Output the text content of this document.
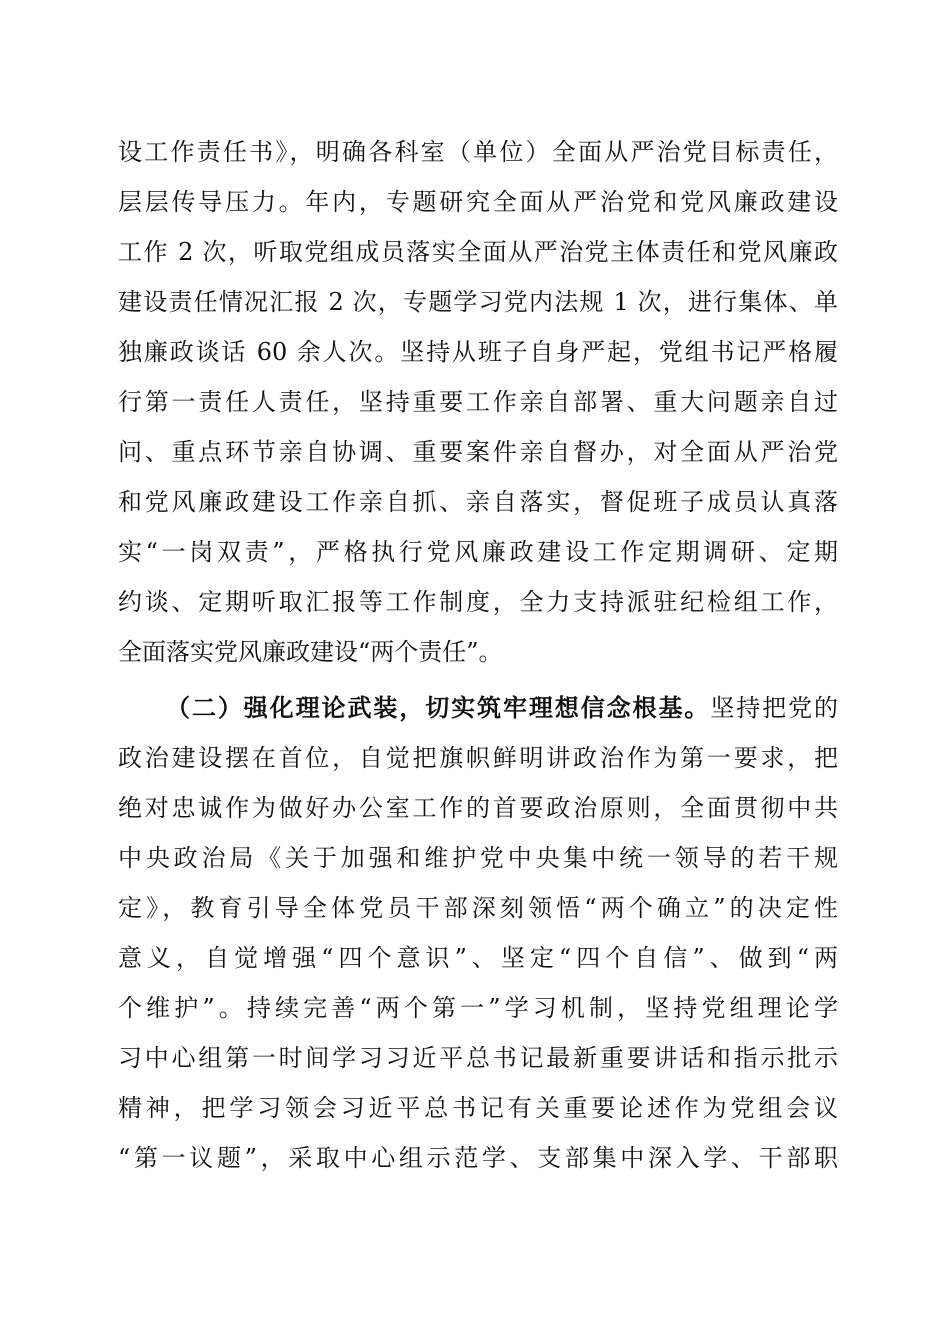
设工作责任书》，明确各科室（单位）全面从严治党目标责任，
层层传导压力。年内，专题研究全面从严治党和党风廉政建设
工作 2 次，听取党组成员落实全面从严治党主体责任和党风廉政
建设责任情况汇报 2 次，专题学习党内法规 1 次，进行集体、单
独廉政谈话 60 余人次。坚持从班子自身严起，党组书记严格履
行第一责任人责任，坚持重要工作亲自部署、重大问题亲自过
问、重点环节亲自协调、重要案件亲自督办，对全面从严治党
和党风廉政建设工作亲自抓、亲自落实，督促班子成员认真落
实“一岗双责”，严格执行党风廉政建设工作定期调研、定期
约谈、定期听取汇报等工作制度，全力支持派驻纪检组工作，
全面落实党风廉政建设“两个责任”。
（二）强化理论武装，切实筑牢理想信念根基。坚持把党的
政治建设摆在首位，自觉把旗帜鲜明讲政治作为第一要求，把
绝对忠诚作为做好办公室工作的首要政治原则，全面贯彻中共
中央政治局《关于加强和维护党中央集中统一领导的若干规
定》，教育引导全体党员干部深刻领悟“两个确立”的决定性
意义，自觉增强“四个意识”、坚定“四个自信”、做到“两
个维护”。持续完善“两个第一”学习机制，坚持党组理论学
习中心组第一时间学习习近平总书记最新重要讲话和指示批示
精神，把学习领会习近平总书记有关重要论述作为党组会议
“第一议题”，采取中心组示范学、支部集中深入学、干部职
